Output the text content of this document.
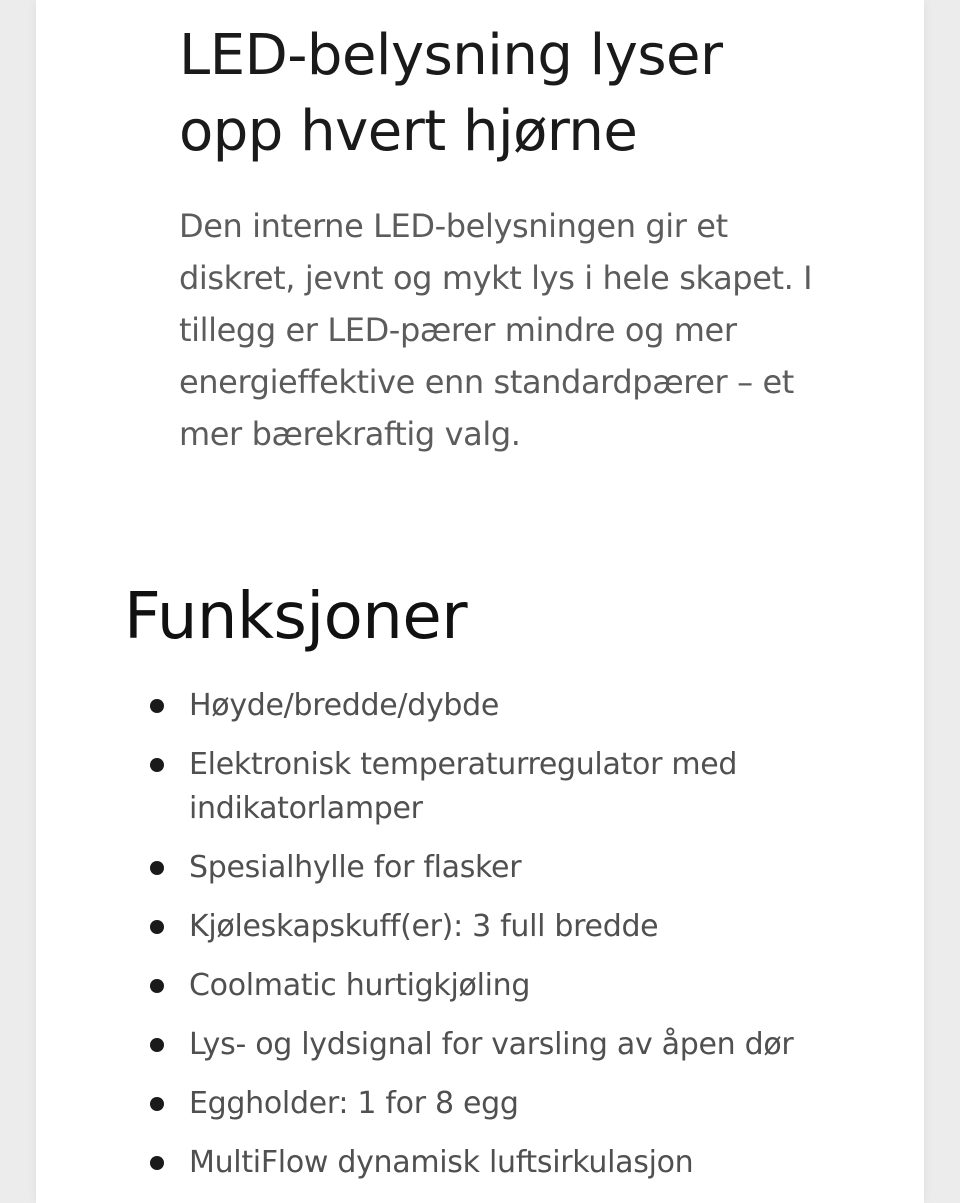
LED-belysning lyser
opp hvert hjørne

Den interne LED-belysningen gir et diskret, jevnt og mykt lys i hele skapet. I tillegg er LED-pærer mindre og mer energieffektive enn standardpærer – et mer bærekraftig valg.

Funksjoner
Høyde/bredde/dybde
Elektronisk temperaturregulator med indikatorlamper
Spesialhylle for flasker
Kjøleskapskuff(er): 3 full bredde
Coolmatic hurtigkjøling
Lys- og lydsignal for varsling av åpen dør
Eggholder: 1 for 8 egg
MultiFlow dynamisk luftsirkulasjon
